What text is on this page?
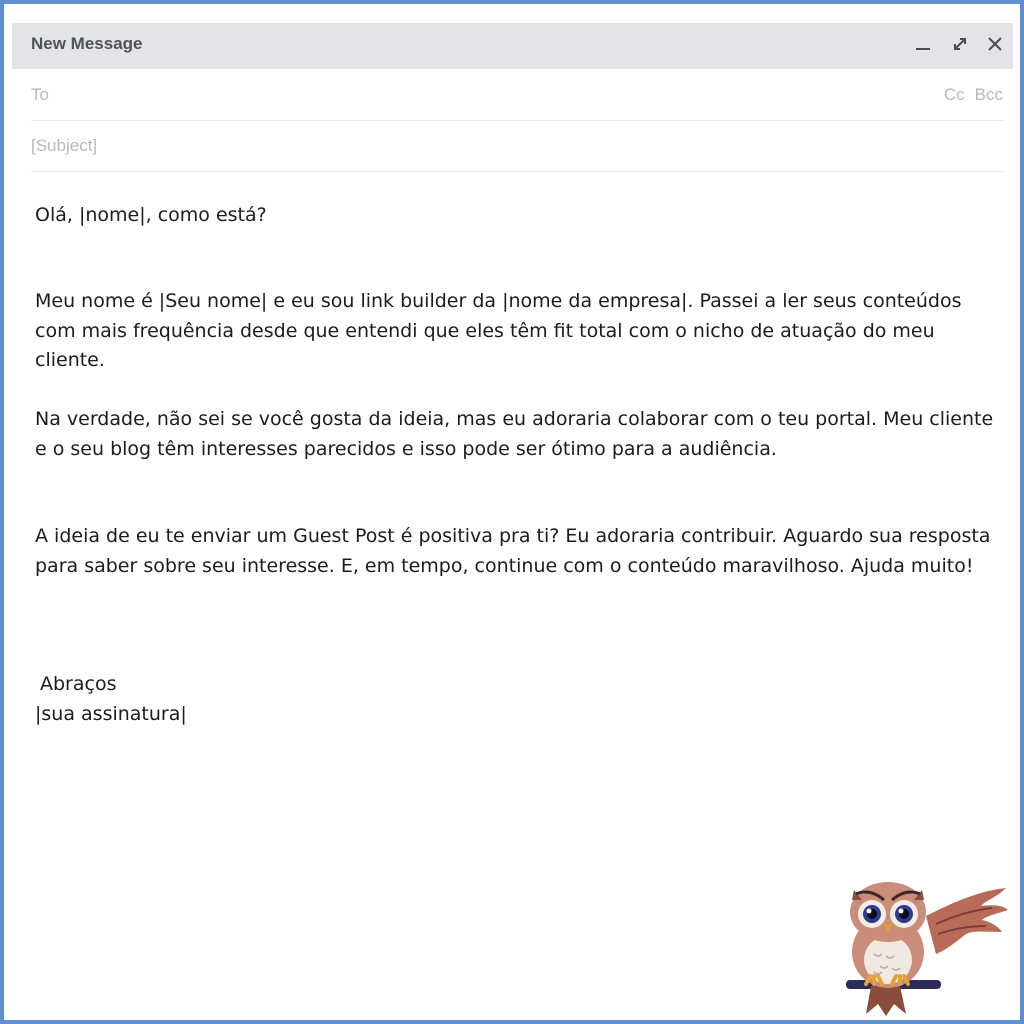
New Message
To	Cc Bcc
[Subject]
Olá, |nome|, como está?
Meu nome é |Seu nome| e eu sou link builder da |nome da empresa|. Passei a ler seus conteúdos com mais frequência desde que entendi que eles têm fit total com o nicho de atuação do meu cliente.
Na verdade, não sei se você gosta da ideia, mas eu adoraria colaborar com o teu portal. Meu cliente e o seu blog têm interesses parecidos e isso pode ser ótimo para a audiência.
A ideia de eu te enviar um Guest Post é positiva pra ti? Eu adoraria contribuir. Aguardo sua resposta para saber sobre seu interesse. E, em tempo, continue com o conteúdo maravilhoso. Ajuda muito!
Abraços
|sua assinatura|
